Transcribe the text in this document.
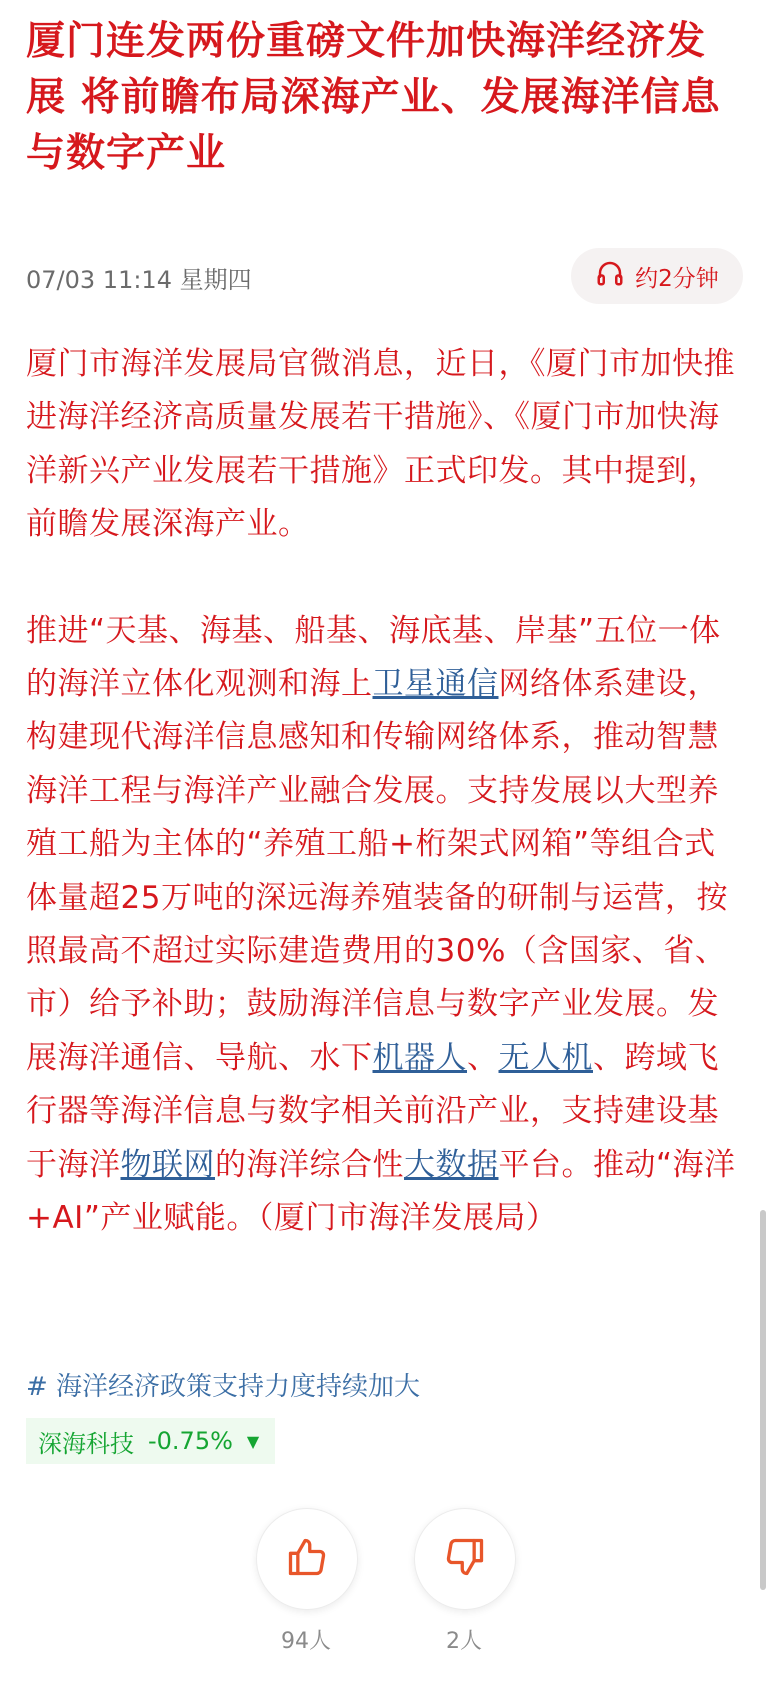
厦门连发两份重磅文件加快海洋经济发展 将前瞻布局深海产业、发展海洋信息与数字产业
07/03 11:14 星期四	约2分钟

厦门市海洋发展局官微消息，近日，《厦门市加快推进海洋经济高质量发展若干措施》、《厦门市加快海洋新兴产业发展若干措施》正式印发。其中提到，前瞻发展深海产业。

推进“天基、海基、船基、海底基、岸基”五位一体的海洋立体化观测和海上卫星通信网络体系建设，构建现代海洋信息感知和传输网络体系，推动智慧海洋工程与海洋产业融合发展。支持发展以大型养殖工船为主体的“养殖工船+桁架式网箱”等组合式体量超25万吨的深远海养殖装备的研制与运营，按照最高不超过实际建造费用的30%（含国家、省、市）给予补助；鼓励海洋信息与数字产业发展。发展海洋通信、导航、水下机器人、无人机、跨域飞行器等海洋信息与数字相关前沿产业，支持建设基于海洋物联网的海洋综合性大数据平台。推动“海洋+AI”产业赋能。（厦门市海洋发展局）

# 海洋经济政策支持力度持续加大
深海科技 -0.75% ▼
94人	2人
